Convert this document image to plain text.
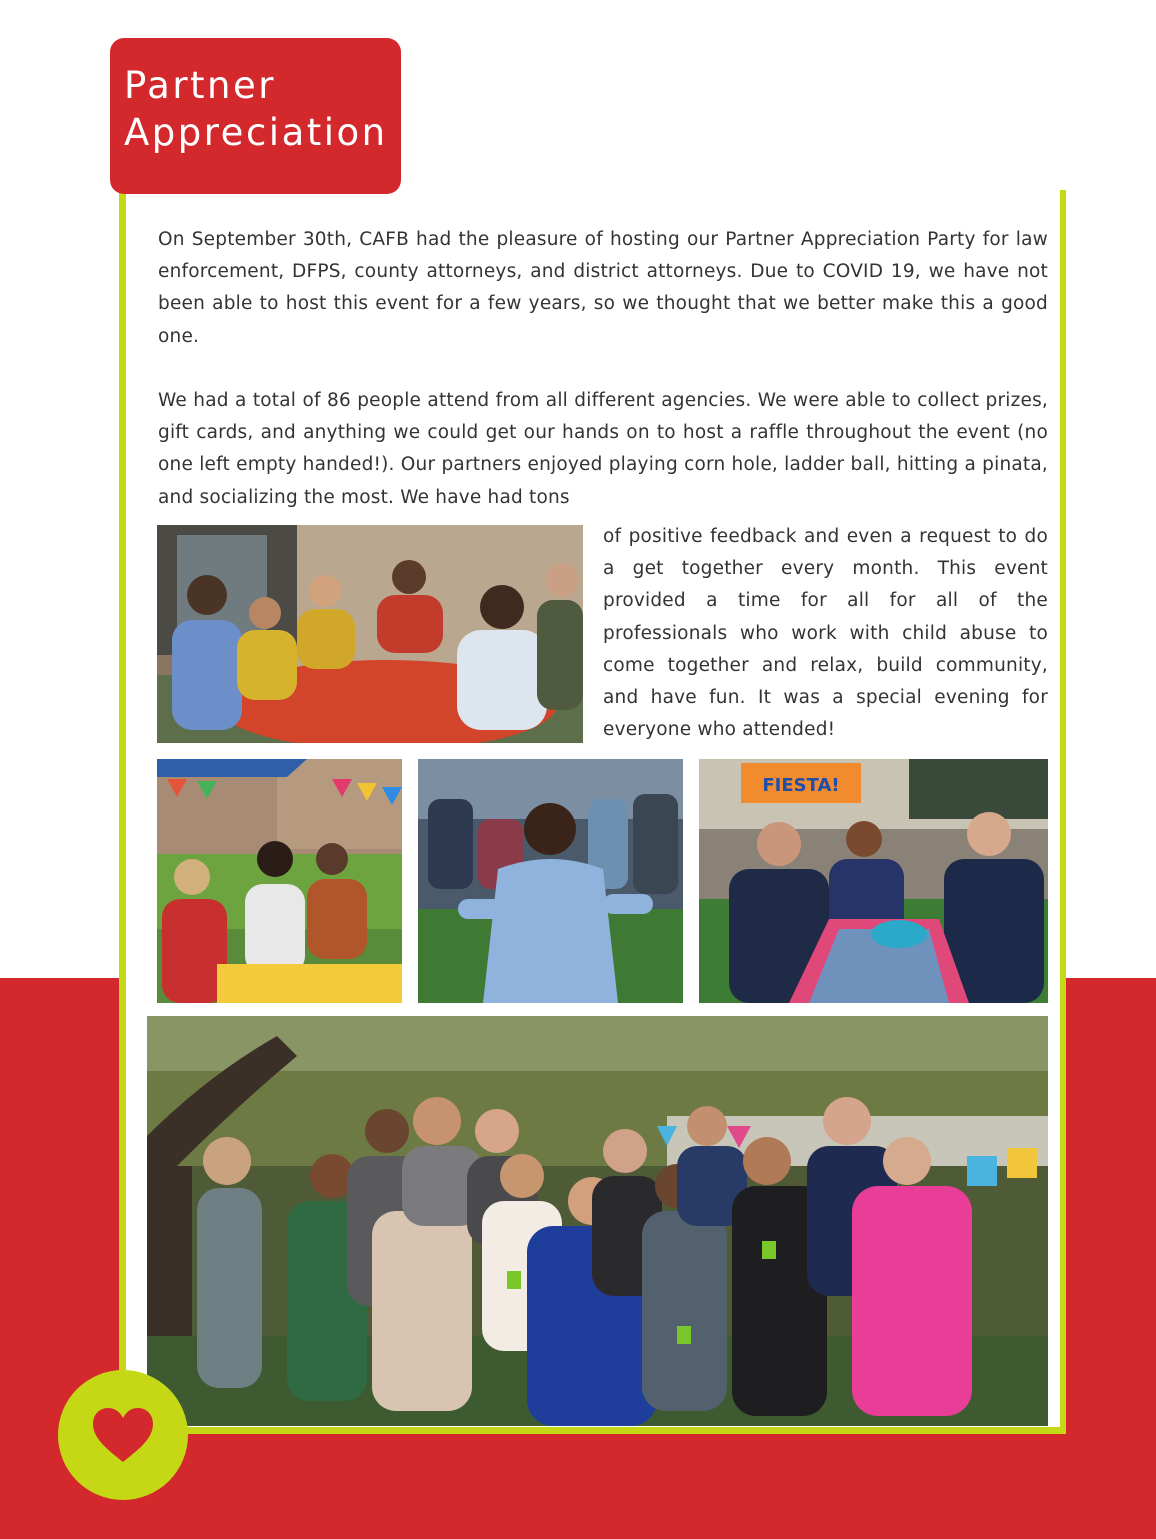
Partner
Appreciation

On September 30th, CAFB had the pleasure of hosting our Partner Appreciation Party for law enforcement, DFPS, county attorneys, and district attorneys. Due to COVID 19, we have not been able to host this event for a few years, so we thought that we better make this a good one.

We had a total of 86 people attend from all different agencies. We were able to collect prizes, gift cards, and anything we could get our hands on to host a raffle throughout the event (no one left empty handed!). Our partners enjoyed playing corn hole, ladder ball, hitting a pinata, and socializing the most. We have had tons

of positive feedback and even a request to do a get together every month. This event provided a time for all for all of the professionals who work with child abuse to come together and relax, build community, and have fun. It was a special evening for everyone who attended!

FIESTA!
